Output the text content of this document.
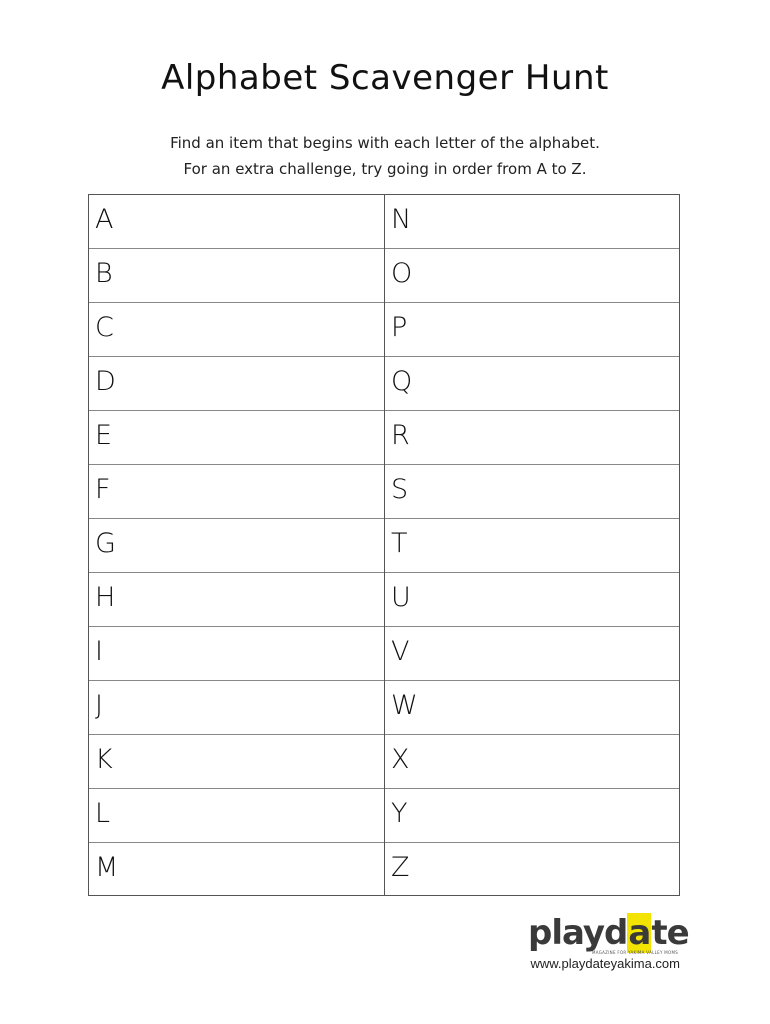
Alphabet Scavenger Hunt
Find an item that begins with each letter of the alphabet.
For an extra challenge, try going in order from A to Z.
A
B
C
D
E
F
G
H
I
J
K
L
M
N
O
P
Q
R
S
T
U
V
W
X
Y
Z
playdate
MAGAZINE FOR YAKIMA VALLEY MOMS
www.playdateyakima.com
